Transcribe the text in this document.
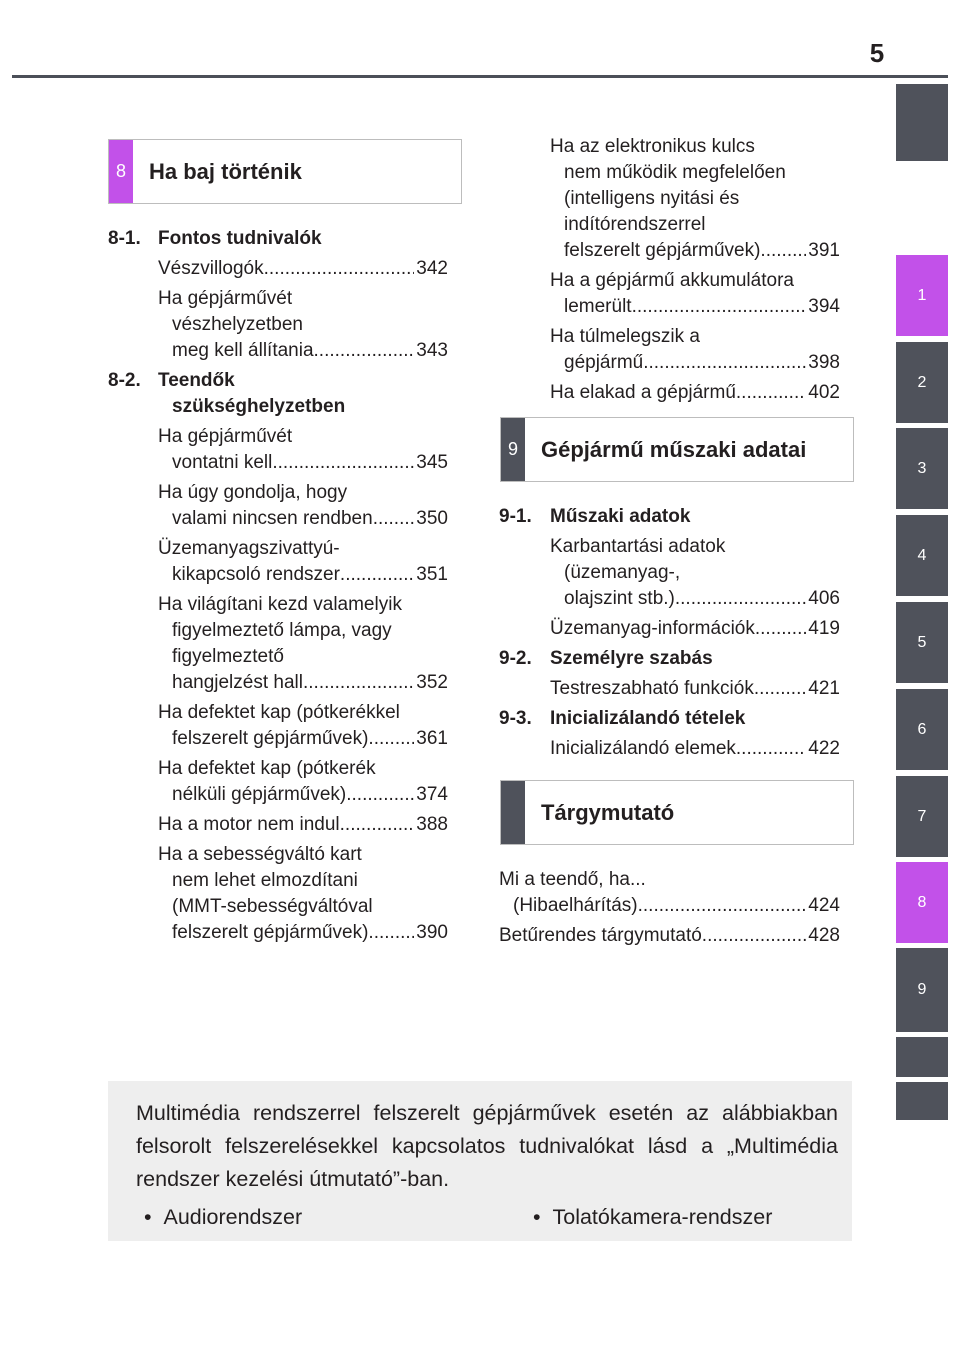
5
1
2
3
4
5
6
7
8
9
8	Ha baj történik
8-1. Fontos tudnivalók
Vészvillogók .....	342
Ha gépjárművét
vészhelyzetben
meg kell állítania .....	343
8-2. Teendők
szükséghelyzetben
Ha gépjárművét
vontatni kell .....	345
Ha úgy gondolja, hogy
valami nincsen rendben ..... 350
Üzemanyagszivattyú-
kikapcsoló rendszer .....	351
Ha világítani kezd valamelyik
figyelmeztető lámpa, vagy
figyelmeztető
hangjelzést hall .....	352
Ha defektet kap (pótkerékkel
felszerelt gépjárművek) .....	361
Ha defektet kap (pótkerék
nélküli gépjárművek) .....	374
Ha a motor nem indul .....	388
Ha a sebességváltó kart
nem lehet elmozdítani
(MMT-sebességváltóval
felszerelt gépjárművek) .....	390
Ha az elektronikus kulcs
nem működik megfelelően
(intelligens nyitási és
indítórendszerrel
felszerelt gépjárművek) .....	391
Ha a gépjármű akkumulátora
lemerült .....	394
Ha túlmelegszik a
gépjármű .....	398
Ha elakad a gépjármű .....	402
9	Gépjármű műszaki adatai
9-1. Műszaki adatok
Karbantartási adatok
(üzemanyag-,
olajszint stb.) .....	406
Üzemanyag-információk .....	419
9-2. Személyre szabás
Testreszabható funkciók .....	421
9-3. Inicializálandó tételek
Inicializálandó elemek .....	422
Tárgymutató
Mi a teendő, ha...
(Hibaelhárítás) .....	424
Betűrendes tárgymutató .....	428
Multimédia rendszerrel felszerelt gépjárművek esetén az alábbiakban felsorolt felszerelésekkel kapcsolatos tudnivalókat lásd a „Multimédia rendszer kezelési útmutató”-ban.
•  Audiorendszer	•  Tolatókamera-rendszer
